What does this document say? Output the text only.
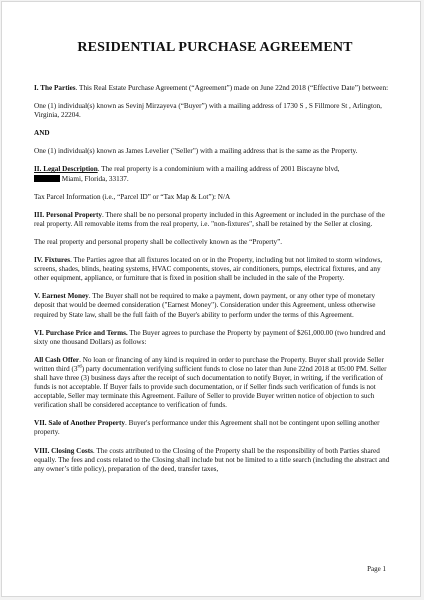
RESIDENTIAL PURCHASE AGREEMENT

I. The Parties. This Real Estate Purchase Agreement (“Agreement”) made on June 22nd 2018 (“Effective Date”) between:

One (1) individual(s) known as Sevinj Mirzayeva (“Buyer”) with a mailing address of 1730 S , S Fillmore St , Arlington, Virginia, 22204.

AND

One (1) individual(s) known as James Levelier ("Seller") with a mailing address that is the same as the Property.

II. Legal Description. The real property is a condominium with a mailing address of 2001 Biscayne blvd,
Miami, Florida, 33137.

Tax Parcel Information (i.e., “Parcel ID” or “Tax Map & Lot”): N/A

III. Personal Property. There shall be no personal property included in this Agreement or included in the purchase of the real property. All removable items from the real property, i.e. "non-fixtures", shall be retained by the Seller at closing.

The real property and personal property shall be collectively known as the “Property”.

IV. Fixtures. The Parties agree that all fixtures located on or in the Property, including but not limited to storm windows, screens, shades, blinds, heating systems, HVAC components, stoves, air conditioners, pumps, electrical fixtures, and any other equipment, appliance, or furniture that is fixed in position shall be included in the sale of the Property.

V. Earnest Money. The Buyer shall not be required to make a payment, down payment, or any other type of monetary deposit that would be deemed consideration ("Earnest Money"). Consideration under this Agreement, unless otherwise required by State law, shall be the full faith of the Buyer's ability to perform under the terms of this Agreement.

VI. Purchase Price and Terms. The Buyer agrees to purchase the Property by payment of $261,000.00 (two hundred and sixty one thousand Dollars) as follows:

All Cash Offer. No loan or financing of any kind is required in order to purchase the Property. Buyer shall provide Seller written third (3rd) party documentation verifying sufficient funds to close no later than June 22nd 2018 at 05:00 PM. Seller shall have three (3) business days after the receipt of such documentation to notify Buyer, in writing, if the verification of funds is not acceptable. If Buyer fails to provide such documentation, or if Seller finds such verification of funds is not acceptable, Seller may terminate this Agreement. Failure of Seller to provide Buyer written notice of objection to such verification shall be considered acceptance to verification of funds.

VII. Sale of Another Property. Buyer's performance under this Agreement shall not be contingent upon selling another property.

VIII. Closing Costs. The costs attributed to the Closing of the Property shall be the responsibility of both Parties shared equally. The fees and costs related to the Closing shall include but not be limited to a title search (including the abstract and any owner’s title policy), preparation of the deed, transfer taxes,

Page 1
